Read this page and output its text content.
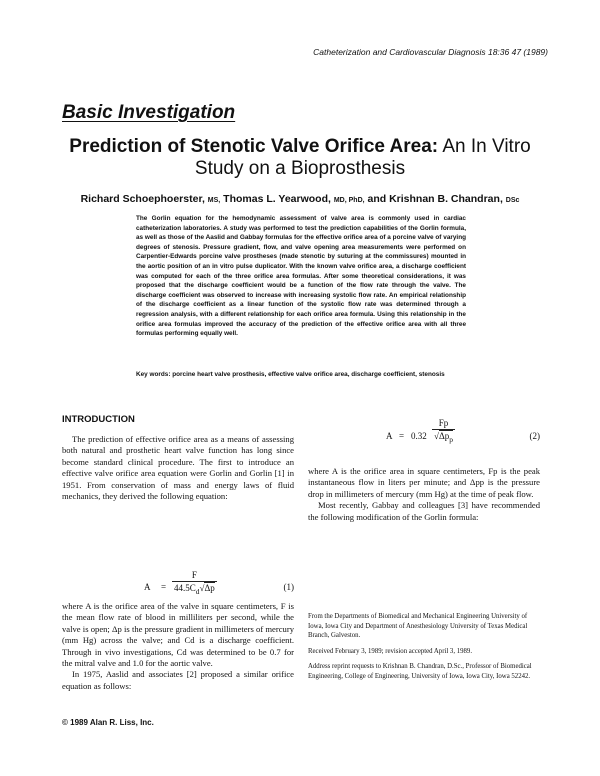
Catheterization and Cardiovascular Diagnosis 18:36 47 (1989)
Basic Investigation
Prediction of Stenotic Valve Orifice Area: An In Vitro
Study on a Bioprosthesis
Richard Schoephoerster, MS, Thomas L. Yearwood, MD, PhD, and Krishnan B. Chandran, DSc
The Gorlin equation for the hemodynamic assessment of valve area is commonly used in cardiac catheterization laboratories. A study was performed to test the prediction capabilities of the Gorlin formula, as well as those of the Aaslid and Gabbay formulas for the effective orifice area of a porcine valve of varying degrees of stenosis. Pressure gradient, flow, and valve opening area measurements were performed on Carpentier-Edwards porcine valve prostheses (made stenotic by suturing at the commissures) mounted in the aortic position of an in vitro pulse duplicator. With the known valve orifice area, a discharge coefficient was computed for each of the three orifice area formulas. After some theoretical considerations, it was proposed that the discharge coefficient would be a function of the flow rate through the valve. The discharge coefficient was observed to increase with increasing systolic flow rate. An empirical relationship of the discharge coefficient as a linear function of the systolic flow rate was determined through a regression analysis, with a different relationship for each orifice area formula. Using this relationship in the orifice area formulas improved the accuracy of the prediction of the effective orifice area with all three formulas performing equally well.
Key words: porcine heart valve prosthesis, effective valve orifice area, discharge coefficient, stenosis
INTRODUCTION

The prediction of effective orifice area as a means of assessing both natural and prosthetic heart valve function has long since become standard clinical procedure. The first to introduce an effective valve orifice area equation were Gorlin and Gorlin [1] in 1951. From conservation of mass and energy laws of fluid mechanics, they derived the following equation:

$A = \frac{F}{44.5C_d√\Delta p}$	(1)

where A is the orifice area of the valve in square centimeters, F is the mean flow rate of blood in milliliters per second, while the valve is open; Δp is the pressure gradient in millimeters of mercury (mm Hg) across the valve; and Cd is a discharge coefficient. Through in vivo investigations, Cd was determined to be 0.7 for the mitral valve and 1.0 for the aortic valve.

In 1975, Aaslid and associates [2] proposed a similar orifice equation as follows:

A = 0.32
Fp
$√\Delta p_p$	(2)

where A is the orifice area in square centimeters, Fp is the peak instantaneous flow in liters per minute; and Δpp is the pressure drop in millimeters of mercury (mm Hg) at the time of peak flow.

Most recently, Gabbay and colleagues [3] have recommended the following modification of the Gorlin formula:

From the Departments of Biomedical and Mechanical Engineering University of Iowa, Iowa City and Department of Anesthesiology University of Texas Medical Branch, Galveston.

Received February 3, 1989; revision accepted April 3, 1989.

Address reprint requests to Krishnan B. Chandran, D.Sc., Professor of Biomedical Engineering, College of Engineering, University of Iowa, Iowa City, Iowa 52242.

© 1989 Alan R. Liss, Inc.
